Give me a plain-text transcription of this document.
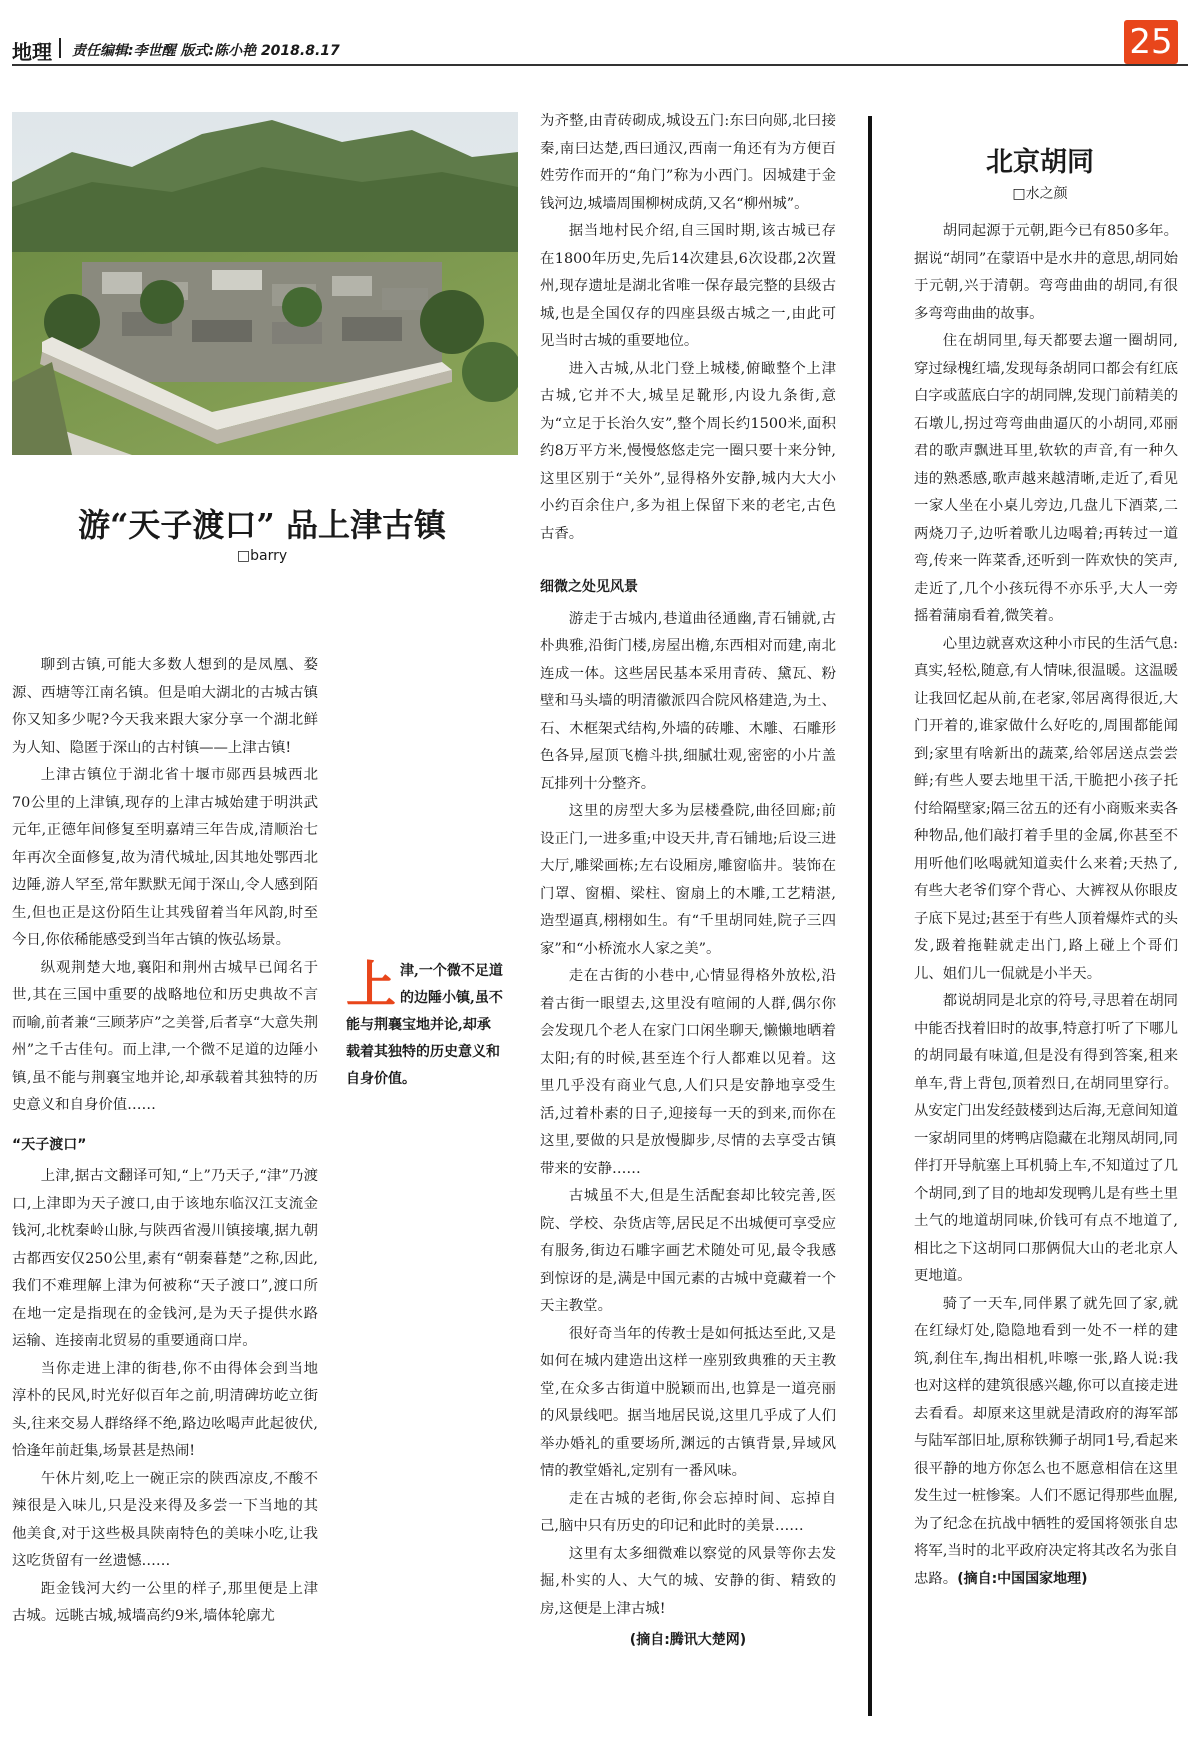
地理 责任编辑:李世醒 版式:陈小艳 2018.8.17	25
游“天子渡口” 品上津古镇
□barry

聊到古镇,可能大多数人想到的是凤凰、婺源、西塘等江南名镇。但是咱大湖北的古城古镇你又知多少呢?今天我来跟大家分享一个湖北鲜为人知、隐匿于深山的古村镇——上津古镇!

上津古镇位于湖北省十堰市郧西县城西北70公里的上津镇,现存的上津古城始建于明洪武元年,正德年间修复至明嘉靖三年告成,清顺治七年再次全面修复,故为清代城址,因其地处鄂西北边陲,游人罕至,常年默默无闻于深山,令人感到陌生,但也正是这份陌生让其残留着当年风韵,时至今日,你依稀能感受到当年古镇的恢弘场景。

纵观荆楚大地,襄阳和荆州古城早已闻名于世,其在三国中重要的战略地位和历史典故不言而喻,前者兼“三顾茅庐”之美誉,后者享“大意失荆州”之千古佳句。而上津,一个微不足道的边陲小镇,虽不能与荆襄宝地并论,却承载着其独特的历史意义和自身价值……

“天子渡口”

上津,据古文翻译可知,“上”乃天子,“津”乃渡口,上津即为天子渡口,由于该地东临汉江支流金钱河,北枕秦岭山脉,与陕西省漫川镇接壤,据九朝古都西安仅250公里,素有“朝秦暮楚”之称,因此,我们不难理解上津为何被称“天子渡口”,渡口所在地一定是指现在的金钱河,是为天子提供水路运输、连接南北贸易的重要通商口岸。

当你走进上津的街巷,你不由得体会到当地淳朴的民风,时光好似百年之前,明清碑坊屹立街头,往来交易人群络绎不绝,路边吆喝声此起彼伏,恰逢年前赶集,场景甚是热闹!

午休片刻,吃上一碗正宗的陕西凉皮,不酸不辣很是入味儿,只是没来得及多尝一下当地的其他美食,对于这些极具陕南特色的美味小吃,让我这吃货留有一丝遗憾……

距金钱河大约一公里的样子,那里便是上津古城。远眺古城,城墙高约9米,墙体轮廓尤

上 津,一个微不足道的边陲小镇,虽不能与荆襄宝地并论,却承载着其独特的历史意义和自身价值。

为齐整,由青砖砌成,城设五门:东曰向郧,北曰接秦,南曰达楚,西曰通汉,西南一角还有为方便百姓劳作而开的“角门”称为小西门。因城建于金钱河边,城墙周围柳树成荫,又名“柳州城”。

据当地村民介绍,自三国时期,该古城已存在1800年历史,先后14次建县,6次设郡,2次置州,现存遗址是湖北省唯一保存最完整的县级古城,也是全国仅存的四座县级古城之一,由此可见当时古城的重要地位。

进入古城,从北门登上城楼,俯瞰整个上津古城,它并不大,城呈足靴形,内设九条街,意为“立足于长治久安”,整个周长约1500米,面积约8万平方米,慢慢悠悠走完一圈只要十来分钟,这里区别于“关外”,显得格外安静,城内大大小小约百余住户,多为祖上保留下来的老宅,古色古香。

细微之处见风景

游走于古城内,巷道曲径通幽,青石铺就,古朴典雅,沿街门楼,房屋出檐,东西相对而建,南北连成一体。这些居民基本采用青砖、黛瓦、粉壁和马头墙的明清徽派四合院风格建造,为土、石、木框架式结构,外墙的砖雕、木雕、石雕形色各异,屋顶飞檐斗拱,细腻壮观,密密的小片盖瓦排列十分整齐。

这里的房型大多为层楼叠院,曲径回廊;前设正门,一进多重;中设天井,青石铺地;后设三进大厅,雕梁画栋;左右设厢房,雕窗临井。装饰在门罩、窗楣、梁柱、窗扇上的木雕,工艺精湛,造型逼真,栩栩如生。有“千里胡同娃,院子三四家”和“小桥流水人家之美”。

走在古街的小巷中,心情显得格外放松,沿着古街一眼望去,这里没有喧闹的人群,偶尔你会发现几个老人在家门口闲坐聊天,懒懒地晒着太阳;有的时候,甚至连个行人都难以见着。这里几乎没有商业气息,人们只是安静地享受生活,过着朴素的日子,迎接每一天的到来,而你在这里,要做的只是放慢脚步,尽情的去享受古镇带来的安静……

古城虽不大,但是生活配套却比较完善,医院、学校、杂货店等,居民足不出城便可享受应有服务,街边石雕字画艺术随处可见,最令我感到惊讶的是,满是中国元素的古城中竟藏着一个天主教堂。

很好奇当年的传教士是如何抵达至此,又是如何在城内建造出这样一座别致典雅的天主教堂,在众多古街道中脱颖而出,也算是一道亮丽的风景线吧。据当地居民说,这里几乎成了人们举办婚礼的重要场所,渊远的古镇背景,异域风情的教堂婚礼,定别有一番风味。

走在古城的老街,你会忘掉时间、忘掉自己,脑中只有历史的印记和此时的美景……

这里有太多细微难以察觉的风景等你去发掘,朴实的人、大气的城、安静的街、精致的房,这便是上津古城!

(摘自:腾讯大楚网)
北京胡同
□水之颜

胡同起源于元朝,距今已有850多年。据说“胡同”在蒙语中是水井的意思,胡同始于元朝,兴于清朝。弯弯曲曲的胡同,有很多弯弯曲曲的故事。

住在胡同里,每天都要去遛一圈胡同,穿过绿槐红墙,发现每条胡同口都会有红底白字或蓝底白字的胡同牌,发现门前精美的石墩儿,拐过弯弯曲曲逼仄的小胡同,邓丽君的歌声飘进耳里,软软的声音,有一种久违的熟悉感,歌声越来越清晰,走近了,看见一家人坐在小桌儿旁边,几盘儿下酒菜,二两烧刀子,边听着歌儿边喝着;再转过一道弯,传来一阵菜香,还听到一阵欢快的笑声,走近了,几个小孩玩得不亦乐乎,大人一旁摇着蒲扇看着,微笑着。

心里边就喜欢这种小市民的生活气息:真实,轻松,随意,有人情味,很温暖。这温暖让我回忆起从前,在老家,邻居离得很近,大门开着的,谁家做什么好吃的,周围都能闻到;家里有啥新出的蔬菜,给邻居送点尝尝鲜;有些人要去地里干活,干脆把小孩子托付给隔壁家;隔三岔五的还有小商贩来卖各种物品,他们敲打着手里的金属,你甚至不用听他们吆喝就知道卖什么来着;天热了,有些大老爷们穿个背心、大裤衩从你眼皮子底下晃过;甚至于有些人顶着爆炸式的头发,趿着拖鞋就走出门,路上碰上个哥们儿、姐们儿一侃就是小半天。

都说胡同是北京的符号,寻思着在胡同中能否找着旧时的故事,特意打听了下哪儿的胡同最有味道,但是没有得到答案,租来单车,背上背包,顶着烈日,在胡同里穿行。从安定门出发经鼓楼到达后海,无意间知道一家胡同里的烤鸭店隐藏在北翔凤胡同,同伴打开导航塞上耳机骑上车,不知道过了几个胡同,到了目的地却发现鸭儿是有些土里土气的地道胡同味,价钱可有点不地道了,相比之下这胡同口那俩侃大山的老北京人更地道。

骑了一天车,同伴累了就先回了家,就在红绿灯处,隐隐地看到一处不一样的建筑,刹住车,掏出相机,咔嚓一张,路人说:我也对这样的建筑很感兴趣,你可以直接走进去看看。却原来这里就是清政府的海军部与陆军部旧址,原称铁狮子胡同1号,看起来很平静的地方你怎么也不愿意相信在这里发生过一桩惨案。人们不愿记得那些血腥,为了纪念在抗战中牺牲的爱国将领张自忠将军,当时的北平政府决定将其改名为张自忠路。(摘自:中国国家地理)
